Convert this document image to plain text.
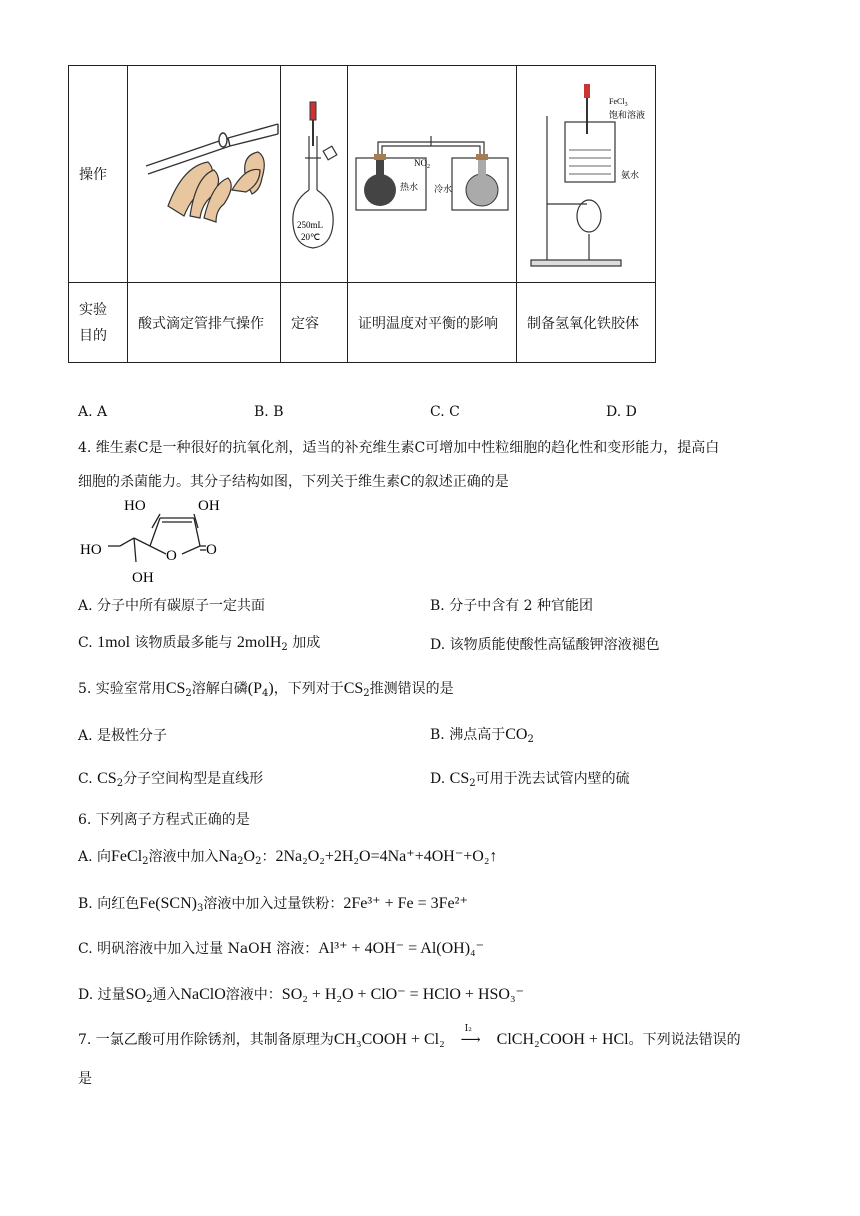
操作		250mL
20℃	$NO_2$
热水 冷水	FeCl$_3$
饱和溶液
氨水

实验
目的	酸式滴定管排气操作	定容	证明温度对平衡的影响	制备氢氧化铁胶体
A. A	B. B	C. C	D. D
4. 维生素C是一种很好的抗氧化剂，适当的补充维生素C可增加中性粒细胞的趋化性和变形能力，提高白
细胞的杀菌能力。其分子结构如图，下列关于维生素C的叙述正确的是
HO	OH
HO	O O
OH
A. 分子中所有碳原子一定共面	B. 分子中含有 2 种官能团
C. 1mol 该物质最多能与 2molH$_2$ 加成	D. 该物质能使酸性高锰酸钾溶液褪色
5. 实验室常用$CS_2$溶解白磷$(P_4)$，下列对于$CS_2$推测错误的是
A. 是极性分子	B. 沸点高于$CO_2$
C. $CS_2$分子空间构型是直线形	D. $CS_2$可用于洗去试管内壁的硫
6. 下列离子方程式正确的是
A. 向FeCl$_2$溶液中加入$Na_2O_2$：2Na₂O₂+2H₂O=4Na⁺+4OH⁻+O₂↑
B. 向红色$Fe(SCN)_3$溶液中加入过量铁粉：2Fe³⁺ + Fe = 3Fe²⁺
C. 明矾溶液中加入过量 NaOH 溶液：Al³⁺ + 4OH⁻ = Al(OH)₄⁻
D. 过量$SO_2$通入NaClO溶液中：SO₂ + H₂O + ClO⁻ = HClO + HSO₃⁻
7. 一氯乙酸可用作除锈剂，其制备原理为CH₃COOH + Cl₂
I₂
⟶ ClCH₂COOH + HCl。下列说法错误的
是
